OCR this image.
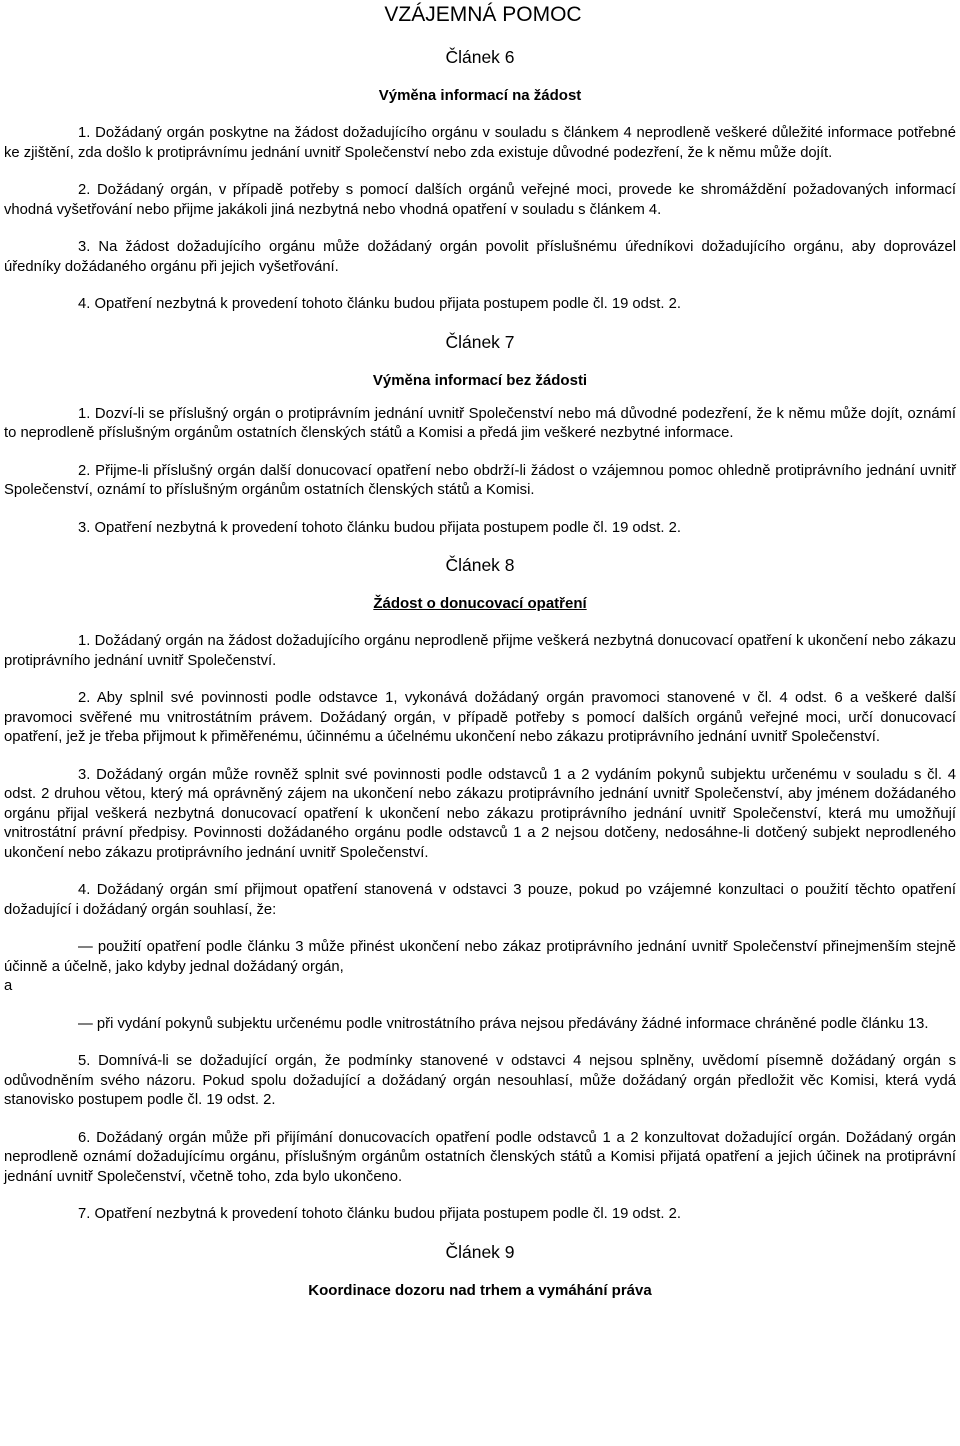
VZÁJEMNÁ POMOC
Článek 6
Výměna informací na žádost

1. Dožádaný orgán poskytne na žádost dožadujícího orgánu v souladu s článkem 4 neprodleně veškeré důležité informace potřebné ke zjištění, zda došlo k protiprávnímu jednání uvnitř Společenství nebo zda existuje důvodné podezření, že k němu může dojít.

2. Dožádaný orgán, v případě potřeby s pomocí dalších orgánů veřejné moci, provede ke shromáždění požadovaných informací vhodná vyšetřování nebo přijme jakákoli jiná nezbytná nebo vhodná opatření v souladu s článkem 4.

3. Na žádost dožadujícího orgánu může dožádaný orgán povolit příslušnému úředníkovi dožadujícího orgánu, aby doprovázel úředníky dožádaného orgánu při jejich vyšetřování.

4. Opatření nezbytná k provedení tohoto článku budou přijata postupem podle čl. 19 odst. 2.

Článek 7
Výměna informací bez žádosti

1. Dozví-li se příslušný orgán o protiprávním jednání uvnitř Společenství nebo má důvodné podezření, že k němu může dojít, oznámí to neprodleně příslušným orgánům ostatních členských států a Komisi a předá jim veškeré nezbytné informace.

2. Přijme-li příslušný orgán další donucovací opatření nebo obdrží-li žádost o vzájemnou pomoc ohledně protiprávního jednání uvnitř Společenství, oznámí to příslušným orgánům ostatních členských států a Komisi.

3. Opatření nezbytná k provedení tohoto článku budou přijata postupem podle čl. 19 odst. 2.

Článek 8
Žádost o donucovací opatření

1. Dožádaný orgán na žádost dožadujícího orgánu neprodleně přijme veškerá nezbytná donucovací opatření k ukončení nebo zákazu protiprávního jednání uvnitř Společenství.

2. Aby splnil své povinnosti podle odstavce 1, vykonává dožádaný orgán pravomoci stanovené v čl. 4 odst. 6 a veškeré další pravomoci svěřené mu vnitrostátním právem. Dožádaný orgán, v případě potřeby s pomocí dalších orgánů veřejné moci, určí donucovací opatření, jež je třeba přijmout k přiměřenému, účinnému a účelnému ukončení nebo zákazu protiprávního jednání uvnitř Společenství.

3. Dožádaný orgán může rovněž splnit své povinnosti podle odstavců 1 a 2 vydáním pokynů subjektu určenému v souladu s čl. 4 odst. 2 druhou větou, který má oprávněný zájem na ukončení nebo zákazu protiprávního jednání uvnitř Společenství, aby jménem dožádaného orgánu přijal veškerá nezbytná donucovací opatření k ukončení nebo zákazu protiprávního jednání uvnitř Společenství, která mu umožňují vnitrostátní právní předpisy. Povinnosti dožádaného orgánu podle odstavců 1 a 2 nejsou dotčeny, nedosáhne-li dotčený subjekt neprodleného ukončení nebo zákazu protiprávního jednání uvnitř Společenství.

4. Dožádaný orgán smí přijmout opatření stanovená v odstavci 3 pouze, pokud po vzájemné konzultaci o použití těchto opatření dožadující i dožádaný orgán souhlasí, že:

— použití opatření podle článku 3 může přinést ukončení nebo zákaz protiprávního jednání uvnitř Společenství přinejmenším stejně účinně a účelně, jako kdyby jednal dožádaný orgán,

a

— při vydání pokynů subjektu určenému podle vnitrostátního práva nejsou předávány žádné informace chráněné podle článku 13.

5. Domnívá-li se dožadující orgán, že podmínky stanovené v odstavci 4 nejsou splněny, uvědomí písemně dožádaný orgán s odůvodněním svého názoru. Pokud spolu dožadující a dožádaný orgán nesouhlasí, může dožádaný orgán předložit věc Komisi, která vydá stanovisko postupem podle čl. 19 odst. 2.

6. Dožádaný orgán může při přijímání donucovacích opatření podle odstavců 1 a 2 konzultovat dožadující orgán. Dožádaný orgán neprodleně oznámí dožadujícímu orgánu, příslušným orgánům ostatních členských států a Komisi přijatá opatření a jejich účinek na protiprávní jednání uvnitř Společenství, včetně toho, zda bylo ukončeno.

7. Opatření nezbytná k provedení tohoto článku budou přijata postupem podle čl. 19 odst. 2.

Článek 9
Koordinace dozoru nad trhem a vymáhání práva
